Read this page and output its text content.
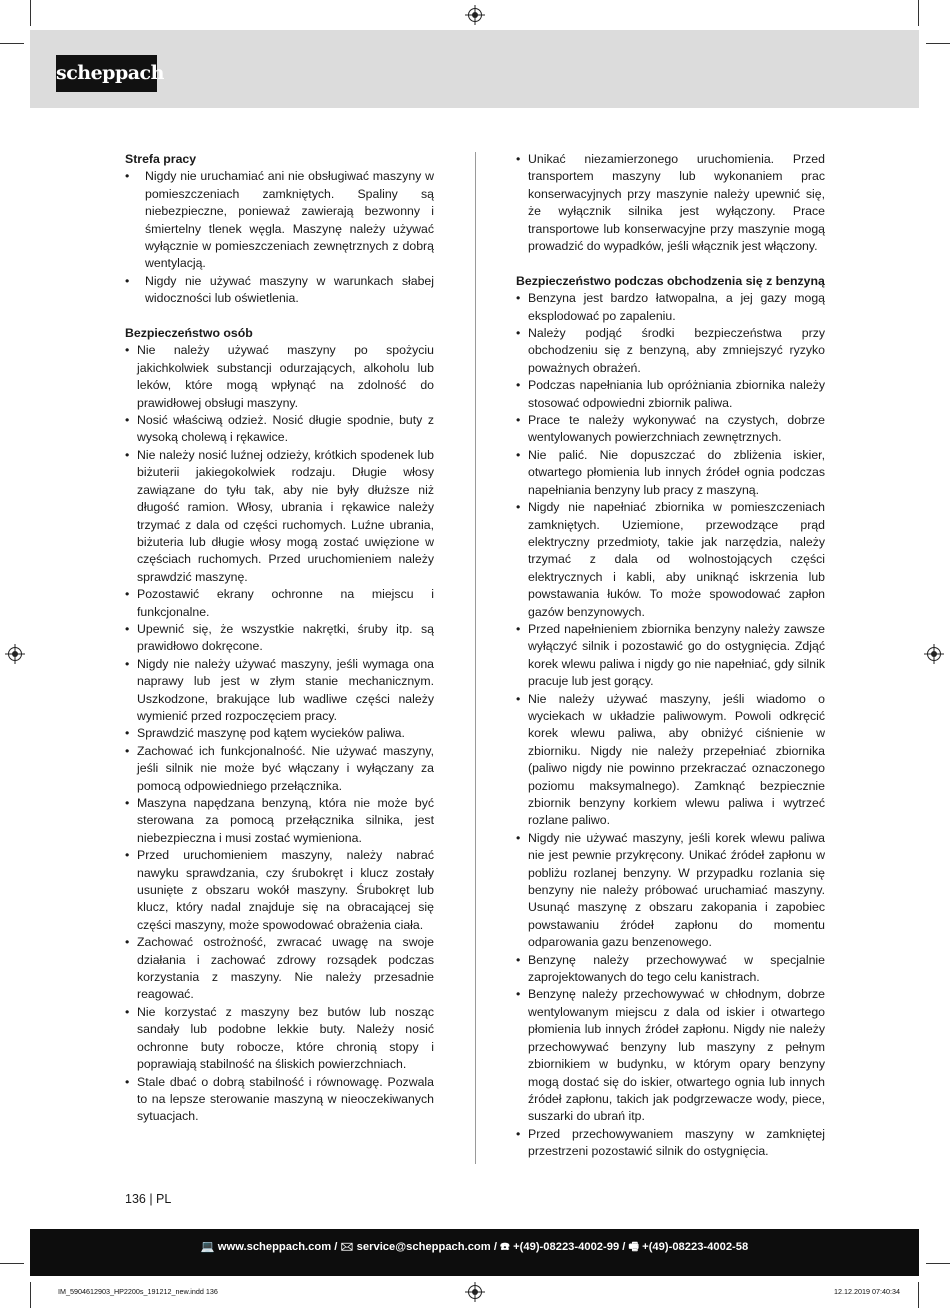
scheppach
Strefa pracy
• Nigdy nie uruchamiać ani nie obsługiwać maszyny w pomieszczeniach zamkniętych. Spaliny są niebezpieczne, ponieważ zawierają bezwonny i śmiertelny tlenek węgla. Maszynę należy używać wyłącznie w pomieszczeniach zewnętrznych z dobrą wentylacją.
• Nigdy nie używać maszyny w warunkach słabej widoczności lub oświetlenia.
Bezpieczeństwo osób
• Nie należy używać maszyny po spożyciu jakichkolwiek substancji odurzających, alkoholu lub leków, które mogą wpłynąć na zdolność do prawidłowej obsługi maszyny.
• Nosić właściwą odzież. Nosić długie spodnie, buty z wysoką cholewą i rękawice.
• Nie należy nosić luźnej odzieży, krótkich spodenek lub biżuterii jakiegokolwiek rodzaju. Długie włosy zawiązane do tyłu tak, aby nie były dłuższe niż długość ramion. Włosy, ubrania i rękawice należy trzymać z dala od części ruchomych. Luźne ubrania, biżuteria lub długie włosy mogą zostać uwięzione w częściach ruchomych. Przed uruchomieniem należy sprawdzić maszynę.
• Pozostawić ekrany ochronne na miejscu i funkcjonalne.
• Upewnić się, że wszystkie nakrętki, śruby itp. są prawidłowo dokręcone.
• Nigdy nie należy używać maszyny, jeśli wymaga ona naprawy lub jest w złym stanie mechanicznym. Uszkodzone, brakujące lub wadliwe części należy wymienić przed rozpoczęciem pracy.
• Sprawdzić maszynę pod kątem wycieków paliwa.
• Zachować ich funkcjonalność. Nie używać maszyny, jeśli silnik nie może być włączany i wyłączany za pomocą odpowiedniego przełącznika.
• Maszyna napędzana benzyną, która nie może być sterowana za pomocą przełącznika silnika, jest niebezpieczna i musi zostać wymieniona.
• Przed uruchomieniem maszyny, należy nabrać nawyku sprawdzania, czy śrubokręt i klucz zostały usunięte z obszaru wokół maszyny. Śrubokręt lub klucz, który nadal znajduje się na obracającej się części maszyny, może spowodować obrażenia ciała.
• Zachować ostrożność, zwracać uwagę na swoje działania i zachować zdrowy rozsądek podczas korzystania z maszyny. Nie należy przesadnie reagować.
• Nie korzystać z maszyny bez butów lub nosząc sandały lub podobne lekkie buty. Należy nosić ochronne buty robocze, które chronią stopy i poprawiają stabilność na śliskich powierzchniach.
• Stale dbać o dobrą stabilność i równowagę. Pozwala to na lepsze sterowanie maszyną w nieoczekiwanych sytuacjach.
• Unikać niezamierzonego uruchomienia. Przed transportem maszyny lub wykonaniem prac konserwacyjnych przy maszynie należy upewnić się, że wyłącznik silnika jest wyłączony. Prace transportowe lub konserwacyjne przy maszynie mogą prowadzić do wypadków, jeśli włącznik jest włączony.
Bezpieczeństwo podczas obchodzenia się z benzyną
• Benzyna jest bardzo łatwopalna, a jej gazy mogą eksplodować po zapaleniu.
• Należy podjąć środki bezpieczeństwa przy obchodzeniu się z benzyną, aby zmniejszyć ryzyko poważnych obrażeń.
• Podczas napełniania lub opróżniania zbiornika należy stosować odpowiedni zbiornik paliwa.
• Prace te należy wykonywać na czystych, dobrze wentylowanych powierzchniach zewnętrznych.
• Nie palić. Nie dopuszczać do zbliżenia iskier, otwartego płomienia lub innych źródeł ognia podczas napełniania benzyny lub pracy z maszyną.
• Nigdy nie napełniać zbiornika w pomieszczeniach zamkniętych. Uziemione, przewodzące prąd elektryczny przedmioty, takie jak narzędzia, należy trzymać z dala od wolnostojących części elektrycznych i kabli, aby uniknąć iskrzenia lub powstawania łuków. To może spowodować zapłon gazów benzynowych.
• Przed napełnieniem zbiornika benzyny należy zawsze wyłączyć silnik i pozostawić go do ostygnięcia. Zdjąć korek wlewu paliwa i nigdy go nie napełniać, gdy silnik pracuje lub jest gorący.
• Nie należy używać maszyny, jeśli wiadomo o wyciekach w układzie paliwowym. Powoli odkręcić korek wlewu paliwa, aby obniżyć ciśnienie w zbiorniku. Nigdy nie należy przepełniać zbiornika (paliwo nigdy nie powinno przekraczać oznaczonego poziomu maksymalnego). Zamknąć bezpiecznie zbiornik benzyny korkiem wlewu paliwa i wytrzeć rozlane paliwo.
• Nigdy nie używać maszyny, jeśli korek wlewu paliwa nie jest pewnie przykręcony. Unikać źródeł zapłonu w pobliżu rozlanej benzyny. W przypadku rozlania się benzyny nie należy próbować uruchamiać maszyny. Usunąć maszynę z obszaru zakopania i zapobiec powstawaniu źródeł zapłonu do momentu odparowania gazu benzenowego.
• Benzynę należy przechowywać w specjalnie zaprojektowanych do tego celu kanistrach.
• Benzynę należy przechowywać w chłodnym, dobrze wentylowanym miejscu z dala od iskier i otwartego płomienia lub innych źródeł zapłonu. Nigdy nie należy przechowywać benzyny lub maszyny z pełnym zbiornikiem w budynku, w którym opary benzyny mogą dostać się do iskier, otwartego ognia lub innych źródeł zapłonu, takich jak podgrzewacze wody, piece, suszarki do ubrań itp.
• Przed przechowywaniem maszyny w zamkniętej przestrzeni pozostawić silnik do ostygnięcia.
136 | PL
💻 www.scheppach.com / 🖂 service@scheppach.com / ☎ +(49)-08223-4002-99 / 🖷 +(49)-08223-4002-58
IM_5904612903_HP2200s_191212_new.indd 136	12.12.2019 07:40:34
